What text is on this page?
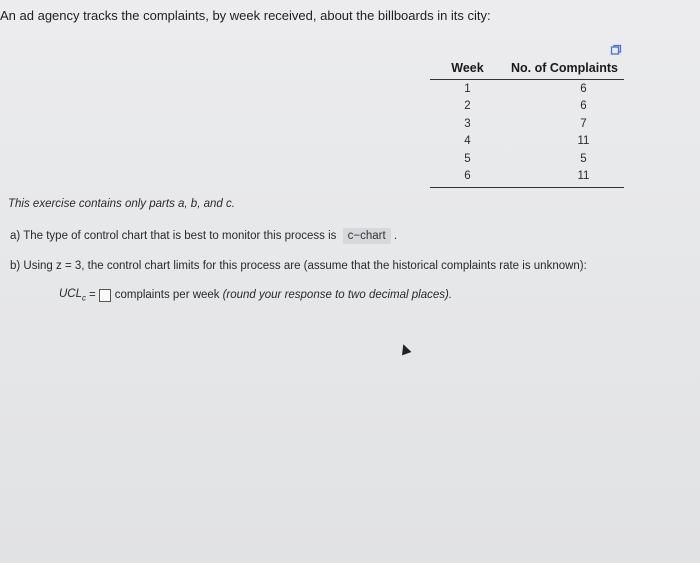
An ad agency tracks the complaints, by week received, about the billboards in its city:
Week	No. of Complaints
1	6
2	6
3	7
4	11
5	5
6	11
This exercise contains only parts a, b, and c.
a) The type of control chart that is best to monitor this process is c−chart .
b) Using z = 3, the control chart limits for this process are (assume that the historical complaints rate is unknown):
$UCL_c$ = complaints per week (round your response to two decimal places).
